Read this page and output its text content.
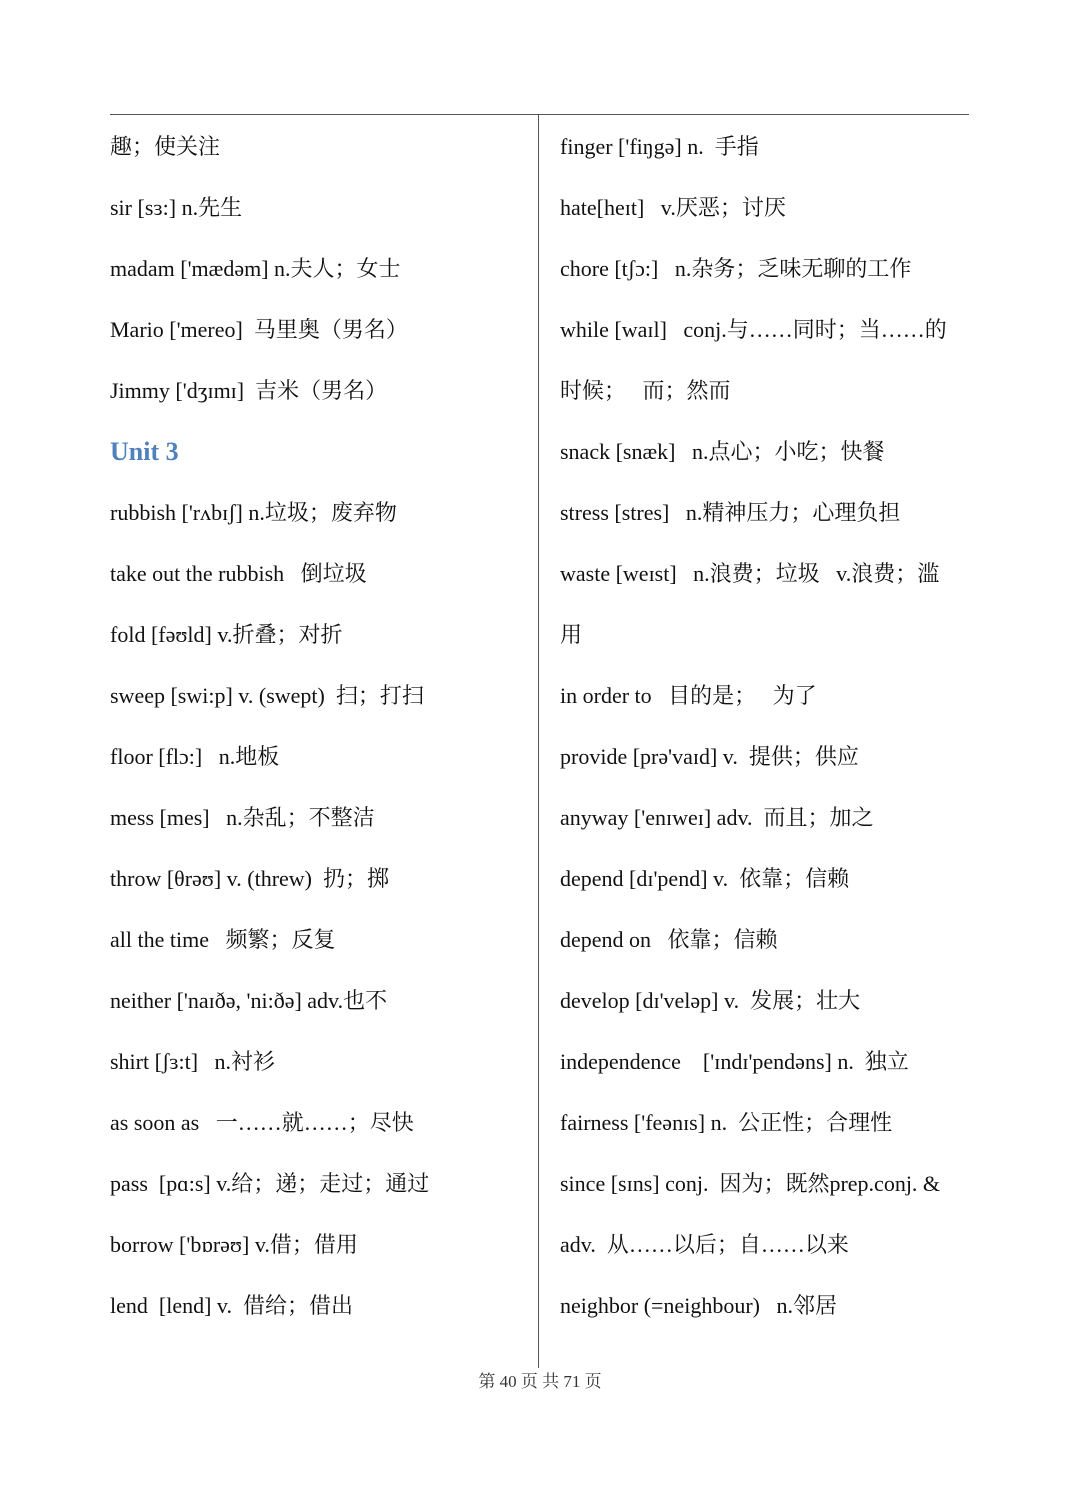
趣；使关注
sir [sɜ:] n.先生
madam ['mædəm] n.夫人；女士
Mario ['mereo]  马里奥（男名）
Jimmy ['dʒɪmɪ]  吉米（男名）
Unit 3
rubbish ['rʌbɪʃ] n.垃圾；废弃物
take out the rubbish   倒垃圾
fold [fəʊld] v.折叠；对折
sweep [swi:p] v. (swept)  扫；打扫
floor [flɔ:]   n.地板
mess [mes]   n.杂乱；不整洁
throw [θrəʊ] v. (threw)  扔；掷
all the time   频繁；反复
neither ['naɪðə, 'ni:ðə] adv.也不
shirt [ʃɜ:t]   n.衬衫
as soon as   一……就……；尽快
pass  [pɑ:s] v.给；递；走过；通过
borrow ['bɒrəʊ] v.借；借用
lend  [lend] v.  借给；借出
finger ['fiŋgə] n.  手指
hate[heɪt]   v.厌恶；讨厌
chore [tʃɔ:]   n.杂务；乏味无聊的工作
while [waɪl]   conj.与……同时；当……的
时候；   而；然而
snack [snæk]   n.点心；小吃；快餐
stress [stres]   n.精神压力；心理负担
waste [weɪst]   n.浪费；垃圾   v.浪费；滥
用
in order to   目的是；   为了
provide [prə'vaɪd] v.  提供；供应
anyway ['enɪweɪ] adv.  而且；加之
depend [dɪ'pend] v.  依靠；信赖
depend on   依靠；信赖
develop [dɪ'veləp] v.  发展；壮大
independence    ['ɪndɪ'pendəns] n.  独立
fairness ['feənɪs] n.  公正性；合理性
since [sɪns] conj.  因为；既然prep.conj. &
adv.  从……以后；自……以来
neighbor (=neighbour)   n.邻居
第 40 页 共 71 页
